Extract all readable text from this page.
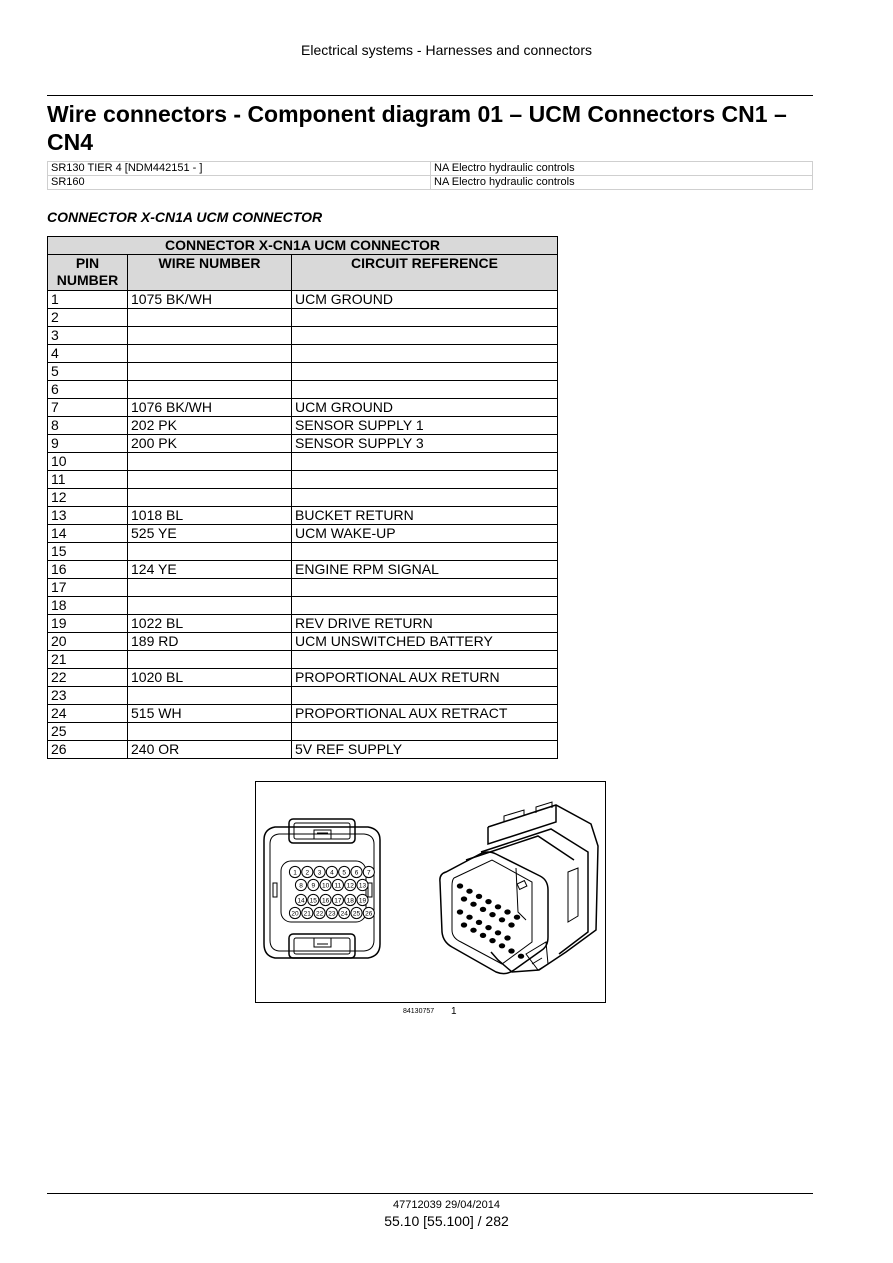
Electrical systems - Harnesses and connectors
Wire connectors - Component diagram 01 – UCM Connectors CN1 – CN4
SR130 TIER 4 [NDM442151 - ]	NA Electro hydraulic controls
SR160	NA Electro hydraulic controls
CONNECTOR X-CN1A UCM CONNECTOR
CONNECTOR X-CN1A UCM CONNECTOR		
PIN NUMBER	WIRE NUMBER	CIRCUIT REFERENCE
1	1075 BK/WH	UCM GROUND
2		
3		
4		
5		
6		
7	1076 BK/WH	UCM GROUND
8	202 PK	SENSOR SUPPLY 1
9	200 PK	SENSOR SUPPLY 3
10		
11		
12		
13	1018 BL	BUCKET RETURN
14	525 YE	UCM WAKE-UP
15		
16	124 YE	ENGINE RPM SIGNAL
17		
18		
19	1022 BL	REV DRIVE RETURN
20	189 RD	UCM UNSWITCHED BATTERY
21		
22	1020 BL	PROPORTIONAL AUX RETURN
23		
24	515 WH	PROPORTIONAL AUX RETRACT
25		
26	240 OR	5V REF SUPPLY
1 2 3 4 5 6 7
8 9 10 11 12 13
14 15 16 17 18 19
20 21 22 23 24 25 26
84130757 1
47712039 29/04/2014
55.10 [55.100] / 282
